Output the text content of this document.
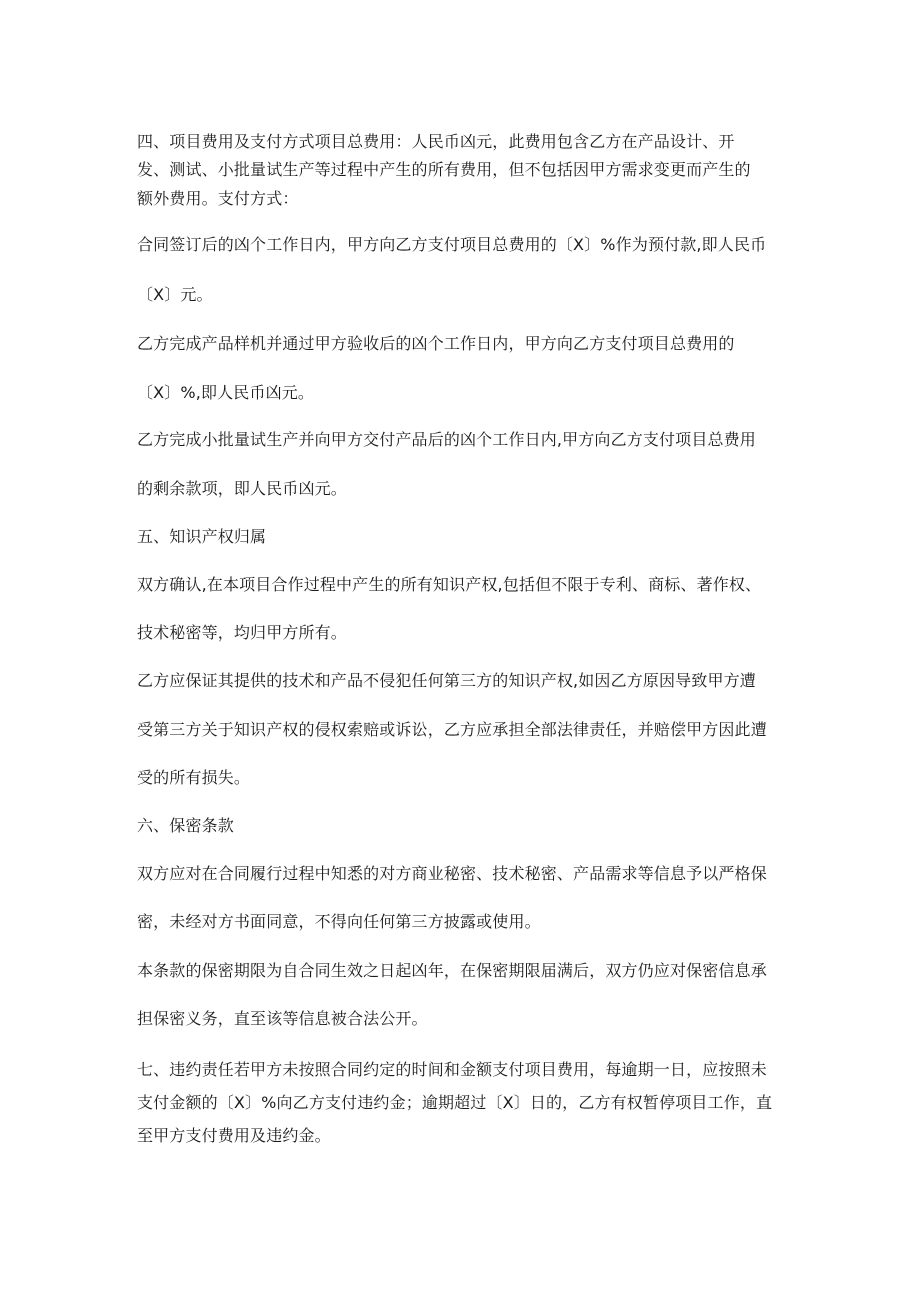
四、项目费用及支付方式项目总费用：人民币凶元，此费用包含乙方在产品设计、开

发、测试、小批量试生产等过程中产生的所有费用，但不包括因甲方需求变更而产生的

额外费用。支付方式：

合同签订后的凶个工作日内，甲方向乙方支付项目总费用的〔X〕%作为预付款,即人民币

〔X〕元。

乙方完成产品样机并通过甲方验收后的凶个工作日内，甲方向乙方支付项目总费用的

〔X〕%,即人民币凶元。

乙方完成小批量试生产并向甲方交付产品后的凶个工作日内,甲方向乙方支付项目总费用

的剩余款项，即人民币凶元。

五、知识产权归属

双方确认,在本项目合作过程中产生的所有知识产权,包括但不限于专利、商标、著作权、

技术秘密等，均归甲方所有。

乙方应保证其提供的技术和产品不侵犯任何第三方的知识产权,如因乙方原因导致甲方遭

受第三方关于知识产权的侵权索赔或诉讼，乙方应承担全部法律责任，并赔偿甲方因此遭

受的所有损失。

六、保密条款

双方应对在合同履行过程中知悉的对方商业秘密、技术秘密、产品需求等信息予以严格保

密，未经对方书面同意，不得向任何第三方披露或使用。

本条款的保密期限为自合同生效之日起凶年，在保密期限届满后，双方仍应对保密信息承

担保密义务，直至该等信息被合法公开。

七、违约责任若甲方未按照合同约定的时间和金额支付项目费用，每逾期一日，应按照未

支付金额的〔X〕%向乙方支付违约金；逾期超过〔X〕日的，乙方有权暂停项目工作，直

至甲方支付费用及违约金。
